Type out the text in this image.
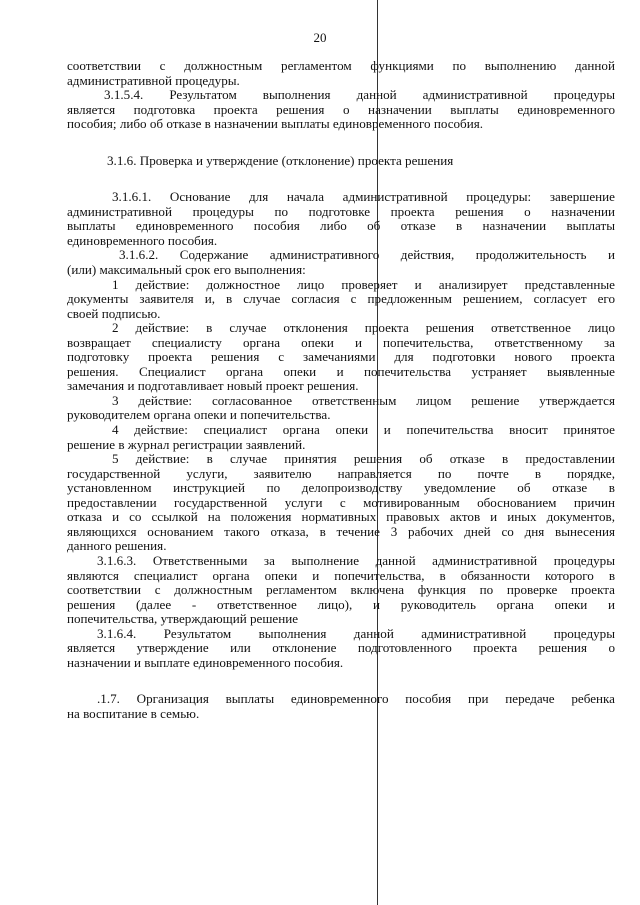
20
соответствии с должностным регламентом функциями по выполнению данной
административной процедуры.
3.1.5.4. Результатом выполнения данной административной процедуры
является подготовка проекта решения о назначении выплаты единовременного
пособия; либо об отказе в назначении выплаты единовременного пособия.
3.1.6. Проверка и утверждение (отклонение) проекта решения
3.1.6.1. Основание для начала административной процедуры: завершение
административной процедуры по подготовке проекта решения о назначении
выплаты единовременного пособия либо об отказе в назначении выплаты
единовременного пособия.
3.1.6.2. Содержание административного действия, продолжительность и
(или) максимальный срок его выполнения:
1 действие: должностное лицо проверяет и анализирует представленные
документы заявителя и, в случае согласия с предложенным решением, согласует его
своей подписью.
2 действие: в случае отклонения проекта решения ответственное лицо
возвращает специалисту органа опеки и попечительства, ответственному за
подготовку проекта решения с замечаниями для подготовки нового проекта
решения. Специалист органа опеки и попечительства устраняет выявленные
замечания и подготавливает новый проект решения.
3 действие: согласованное ответственным лицом решение утверждается
руководителем органа опеки и попечительства.
4 действие: специалист органа опеки и попечительства вносит принятое
решение в журнал регистрации заявлений.
5 действие: в случае принятия решения об отказе в предоставлении
государственной услуги, заявителю направляется по почте в порядке,
установленном инструкцией по делопроизводству уведомление об отказе в
предоставлении государственной услуги с мотивированным обоснованием причин
отказа и со ссылкой на положения нормативных правовых актов и иных документов,
являющихся основанием такого отказа, в течение 3 рабочих дней со дня вынесения
данного решения.
3.1.6.3. Ответственными за выполнение данной административной процедуры
являются специалист органа опеки и попечительства, в обязанности которого в
соответствии с должностным регламентом включена функция по проверке проекта
решения (далее - ответственное лицо), и руководитель органа опеки и
попечительства, утверждающий решение
3.1.6.4. Результатом выполнения данной административной процедуры
является утверждение или отклонение подготовленного проекта решения о
назначении и выплате единовременного пособия.
.1.7. Организация выплаты единовременного пособия при передаче ребенка
на воспитание в семью.
